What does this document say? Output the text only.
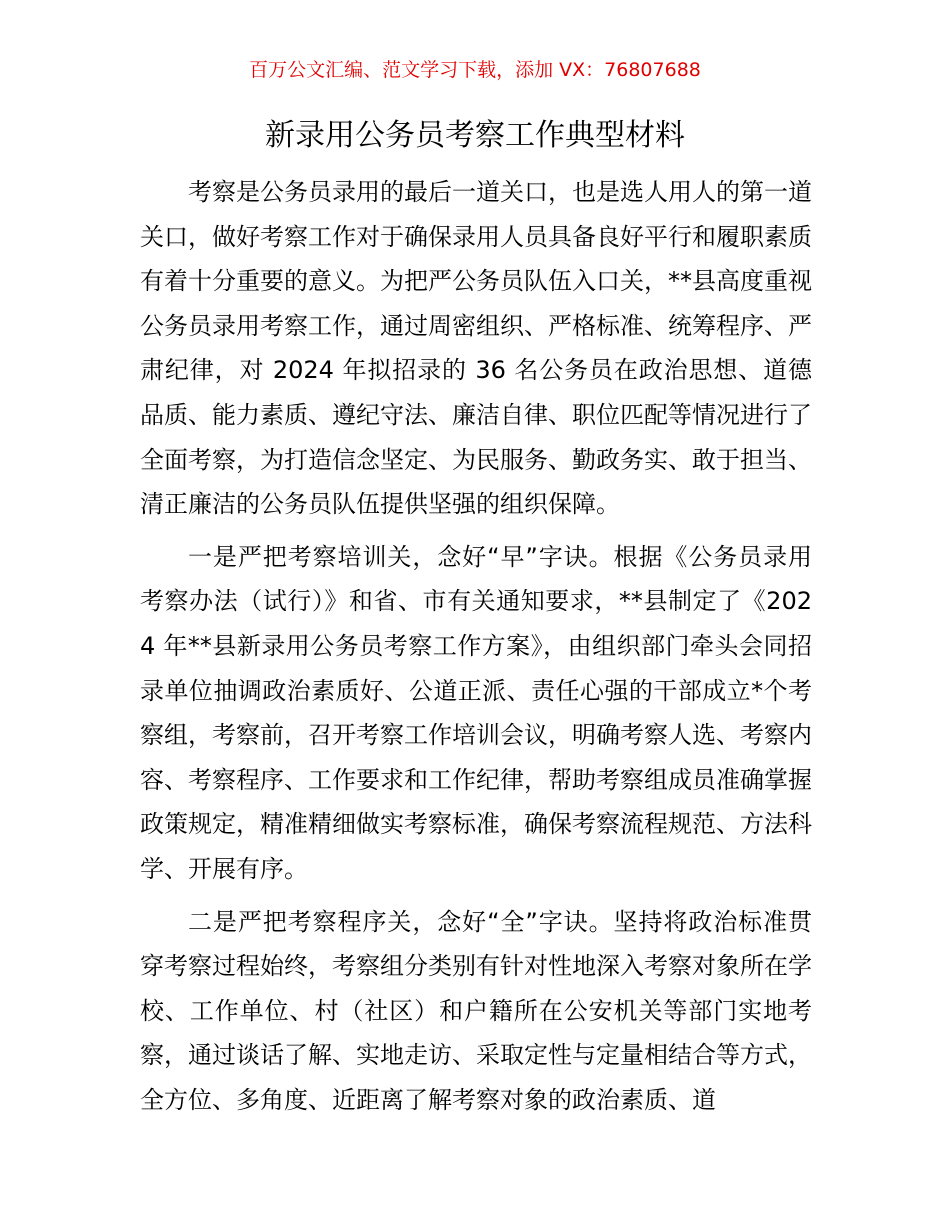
百万公文汇编、范文学习下载，添加 VX：76807688
新录用公务员考察工作典型材料

考察是公务员录用的最后一道关口，也是选人用人的第一道关口，做好考察工作对于确保录用人员具备良好平行和履职素质有着十分重要的意义。为把严公务员队伍入口关，**县高度重视公务员录用考察工作，通过周密组织、严格标准、统筹程序、严肃纪律，对 2024 年拟招录的 36 名公务员在政治思想、道德品质、能力素质、遵纪守法、廉洁自律、职位匹配等情况进行了全面考察，为打造信念坚定、为民服务、勤政务实、敢于担当、清正廉洁的公务员队伍提供坚强的组织保障。

一是严把考察培训关，念好“早”字诀。根据《公务员录用考察办法（试行）》和省、市有关通知要求，**县制定了《2024 年**县新录用公务员考察工作方案》，由组织部门牵头会同招录单位抽调政治素质好、公道正派、责任心强的干部成立*个考察组，考察前，召开考察工作培训会议，明确考察人选、考察内容、考察程序、工作要求和工作纪律，帮助考察组成员准确掌握政策规定，精准精细做实考察标准，确保考察流程规范、方法科学、开展有序。

二是严把考察程序关，念好“全”字诀。坚持将政治标准贯穿考察过程始终，考察组分类别有针对性地深入考察对象所在学校、工作单位、村（社区）和户籍所在公安机关等部门实地考察，通过谈话了解、实地走访、采取定性与定量相结合等方式，全方位、多角度、近距离了解考察对象的政治素质、道
